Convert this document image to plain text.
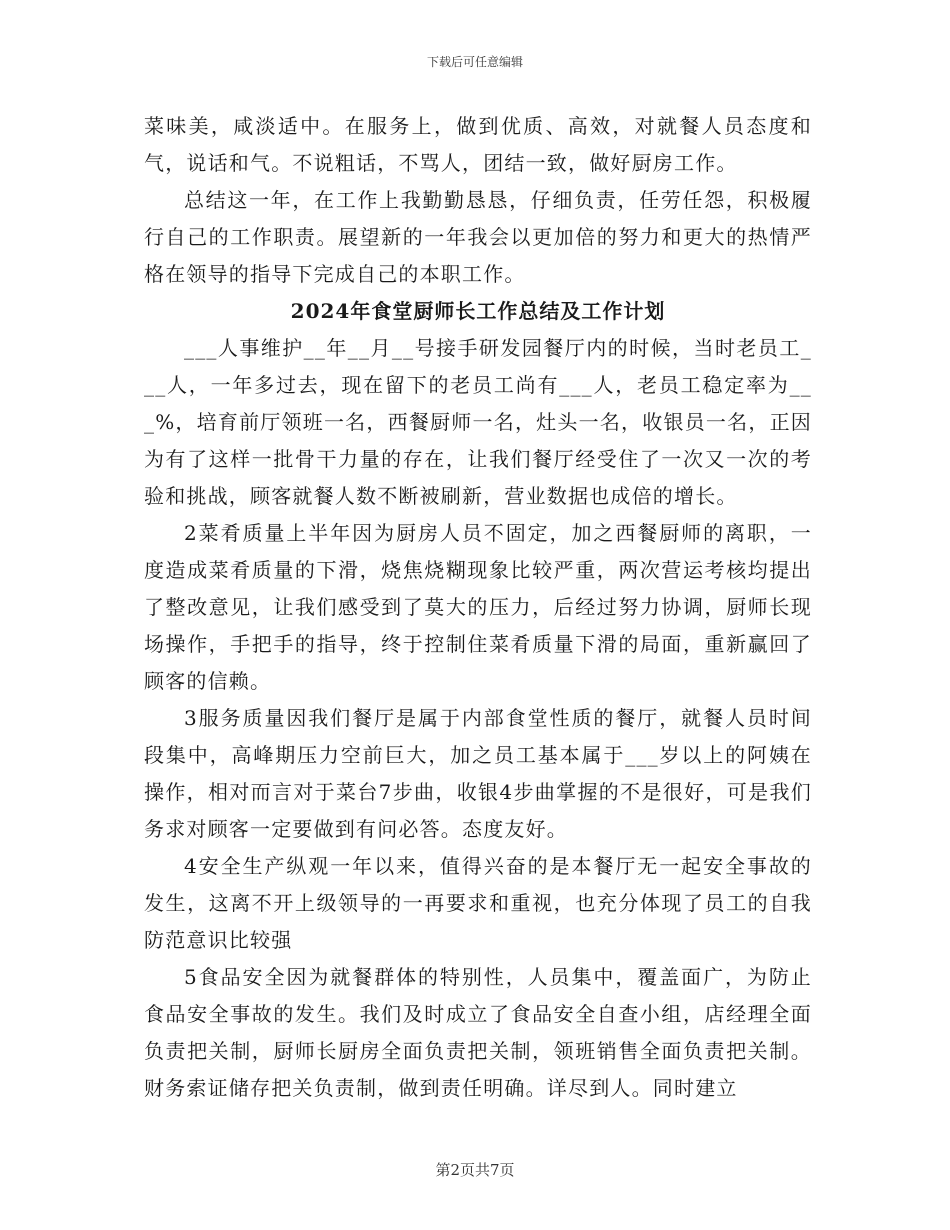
下载后可任意编辑

菜味美，咸淡适中。在服务上，做到优质、高效，对就餐人员态度和气，说话和气。不说粗话，不骂人，团结一致，做好厨房工作。

总结这一年，在工作上我勤勤恳恳，仔细负责，任劳任怨，积极履行自己的工作职责。展望新的一年我会以更加倍的努力和更大的热情严格在领导的指导下完成自己的本职工作。

2024年食堂厨师长工作总结及工作计划

___人事维护__年__月__号接手研发园餐厅内的时候，当时老员工___人，一年多过去，现在留下的老员工尚有___人，老员工稳定率为___%，培育前厅领班一名，西餐厨师一名，灶头一名，收银员一名，正因为有了这样一批骨干力量的存在，让我们餐厅经受住了一次又一次的考验和挑战，顾客就餐人数不断被刷新，营业数据也成倍的增长。

2菜肴质量上半年因为厨房人员不固定，加之西餐厨师的离职，一度造成菜肴质量的下滑，烧焦烧糊现象比较严重，两次营运考核均提出了整改意见，让我们感受到了莫大的压力，后经过努力协调，厨师长现场操作，手把手的指导，终于控制住菜肴质量下滑的局面，重新赢回了顾客的信赖。

3服务质量因我们餐厅是属于内部食堂性质的餐厅，就餐人员时间段集中，高峰期压力空前巨大，加之员工基本属于___岁以上的阿姨在操作，相对而言对于菜台7步曲，收银4步曲掌握的不是很好，可是我们务求对顾客一定要做到有问必答。态度友好。

4安全生产纵观一年以来，值得兴奋的是本餐厅无一起安全事故的发生，这离不开上级领导的一再要求和重视，也充分体现了员工的自我防范意识比较强

5食品安全因为就餐群体的特别性，人员集中，覆盖面广，为防止食品安全事故的发生。我们及时成立了食品安全自查小组，店经理全面负责把关制，厨师长厨房全面负责把关制，领班销售全面负责把关制。财务索证储存把关负责制，做到责任明确。详尽到人。同时建立

第2页共7页
